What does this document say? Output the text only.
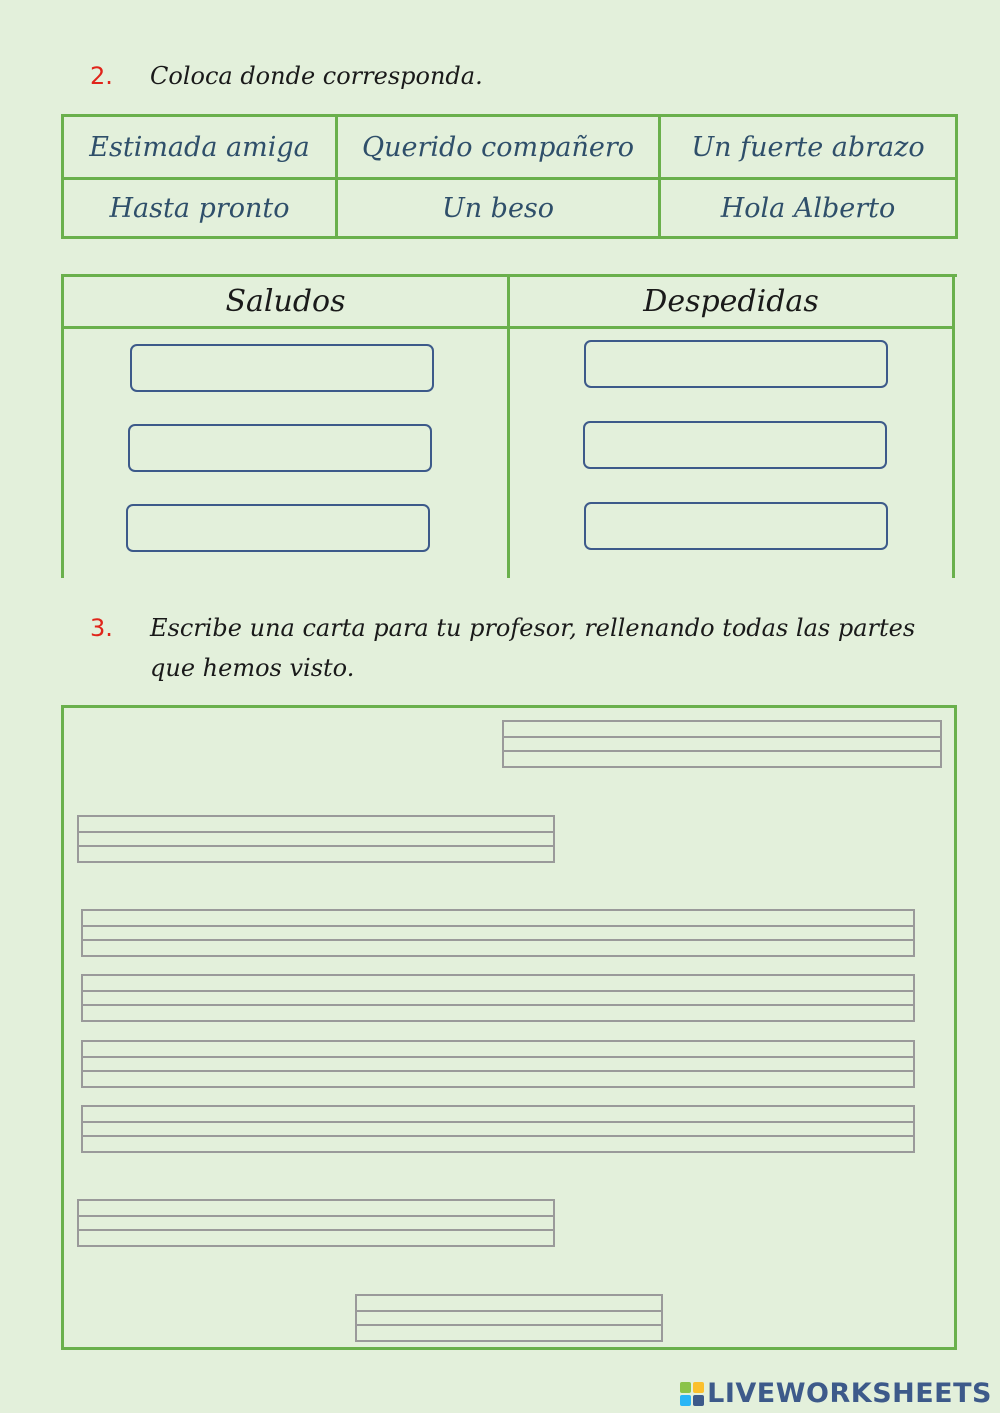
2. Coloca donde corresponda.
Estimada amiga	Querido compañero	Un fuerte abrazo
Hasta pronto	Un beso	Hola Alberto
Saludos	Despedidas
3. Escribe una carta para tu profesor, rellenando todas las partes
que hemos visto.
LIVEWORKSHEETS
